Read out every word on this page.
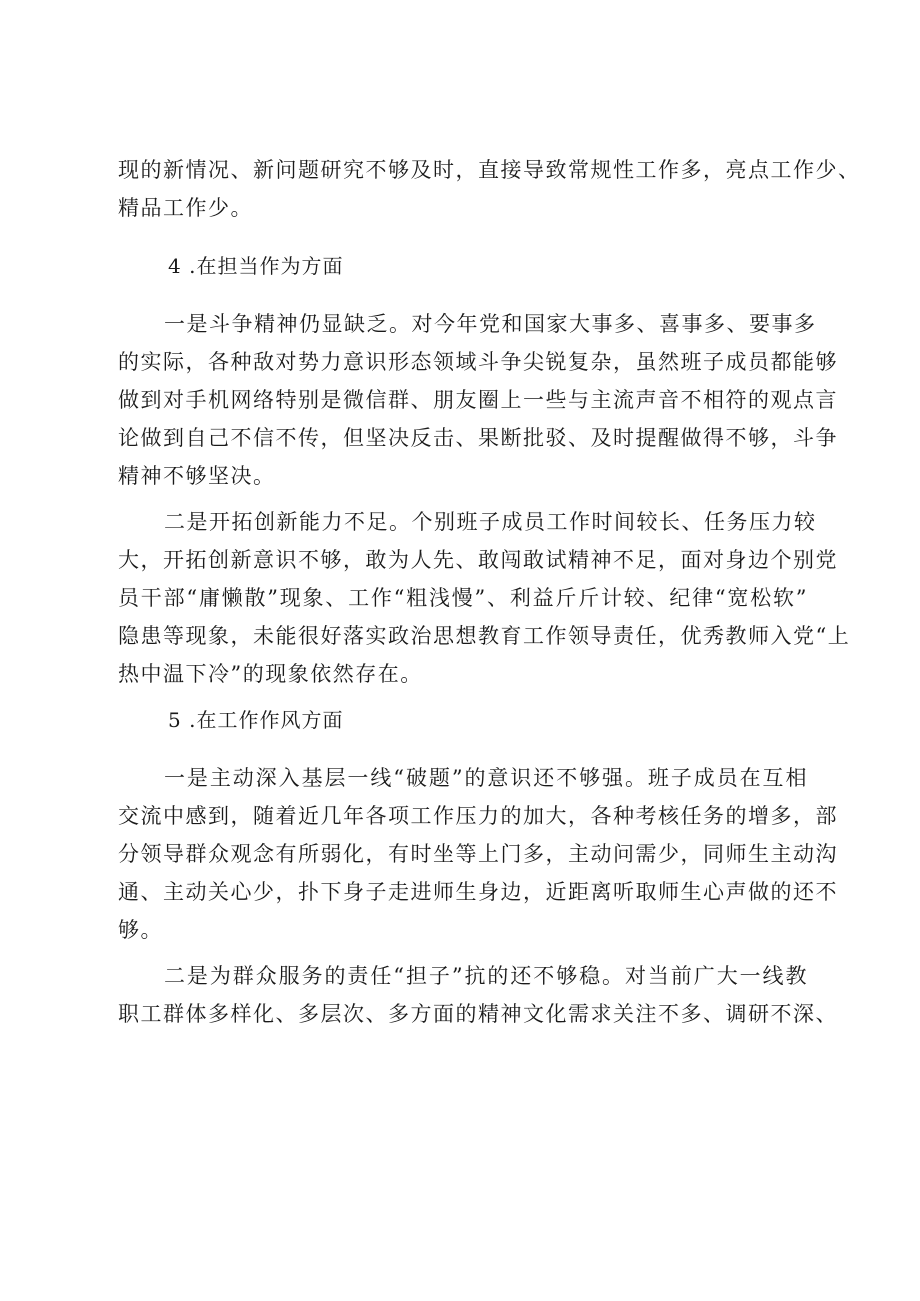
现的新情况、新问题研究不够及时，直接导致常规性工作多，亮点工作少、
精品工作少。
4 .在担当作为方面
一是斗争精神仍显缺乏。对今年党和国家大事多、喜事多、要事多
的实际，各种敌对势力意识形态领域斗争尖锐复杂，虽然班子成员都能够
做到对手机网络特别是微信群、朋友圈上一些与主流声音不相符的观点言
论做到自己不信不传，但坚决反击、果断批驳、及时提醒做得不够，斗争
精神不够坚决。
二是开拓创新能力不足。个别班子成员工作时间较长、任务压力较
大，开拓创新意识不够，敢为人先、敢闯敢试精神不足，面对身边个别党
员干部“庸懒散”现象、工作“粗浅慢”、利益斤斤计较、纪律“宽松软”
隐患等现象，未能很好落实政治思想教育工作领导责任，优秀教师入党“上
热中温下冷”的现象依然存在。
5 .在工作作风方面
一是主动深入基层一线“破题”的意识还不够强。班子成员在互相
交流中感到，随着近几年各项工作压力的加大，各种考核任务的增多，部
分领导群众观念有所弱化，有时坐等上门多，主动问需少，同师生主动沟
通、主动关心少，扑下身子走进师生身边，近距离听取师生心声做的还不
够。
二是为群众服务的责任“担子”抗的还不够稳。对当前广大一线教
职工群体多样化、多层次、多方面的精神文化需求关注不多、调研不深、
